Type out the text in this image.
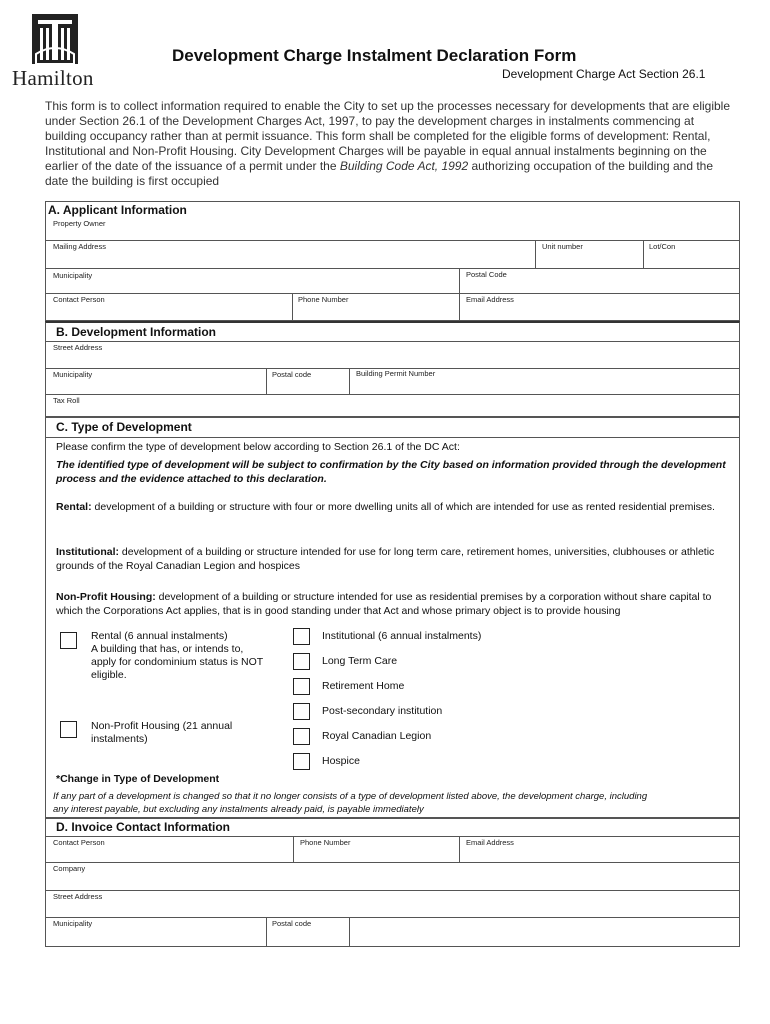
Hamilton
Development Charge Instalment Declaration Form
Development Charge Act Section 26.1
This form is to collect information required to enable the City to set up the processes necessary for developments that are eligible under Section 26.1 of the Development Charges Act, 1997, to pay the development charges in instalments commencing at building occupancy rather than at permit issuance. This form shall be completed for the eligible forms of development: Rental, Institutional and Non-Profit Housing. City Development Charges will be payable in equal annual instalments beginning on the earlier of the date of the issuance of a permit under the Building Code Act, 1992 authorizing occupation of the building and the date the building is first occupied
A. Applicant Information
Property Owner
Mailing Address	Unit number	Lot/Con
Municipality	Postal Code
Contact Person	Phone Number	Email Address
B. Development Information
Street Address
Municipality	Postal code	Building Permit Number
Tax Roll
C. Type of Development
Please confirm the type of development below according to Section 26.1 of the DC Act:
The identified type of development will be subject to confirmation by the City based on information provided through the development process and the evidence attached to this declaration.
Rental: development of a building or structure with four or more dwelling units all of which are intended for use as rented residential premises.
Institutional: development of a building or structure intended for use for long term care, retirement homes, universities, clubhouses or athletic grounds of the Royal Canadian Legion and hospices
Non-Profit Housing: development of a building or structure intended for use as residential premises by a corporation without share capital to which the Corporations Act applies, that is in good standing under that Act and whose primary object is to provide housing
Rental (6 annual instalments)
A building that has, or intends to, apply for condominium status is NOT eligible.
Non-Profit Housing (21 annual instalments)
Institutional (6 annual instalments)
Long Term Care
Retirement Home
Post-secondary institution
Royal Canadian Legion
Hospice
*Change in Type of Development
If any part of a development is changed so that it no longer consists of a type of development listed above, the development charge, including any interest payable, but excluding any instalments already paid, is payable immediately
D. Invoice Contact Information
Contact Person	Phone Number	Email Address
Company
Street Address
Municipality	Postal code
